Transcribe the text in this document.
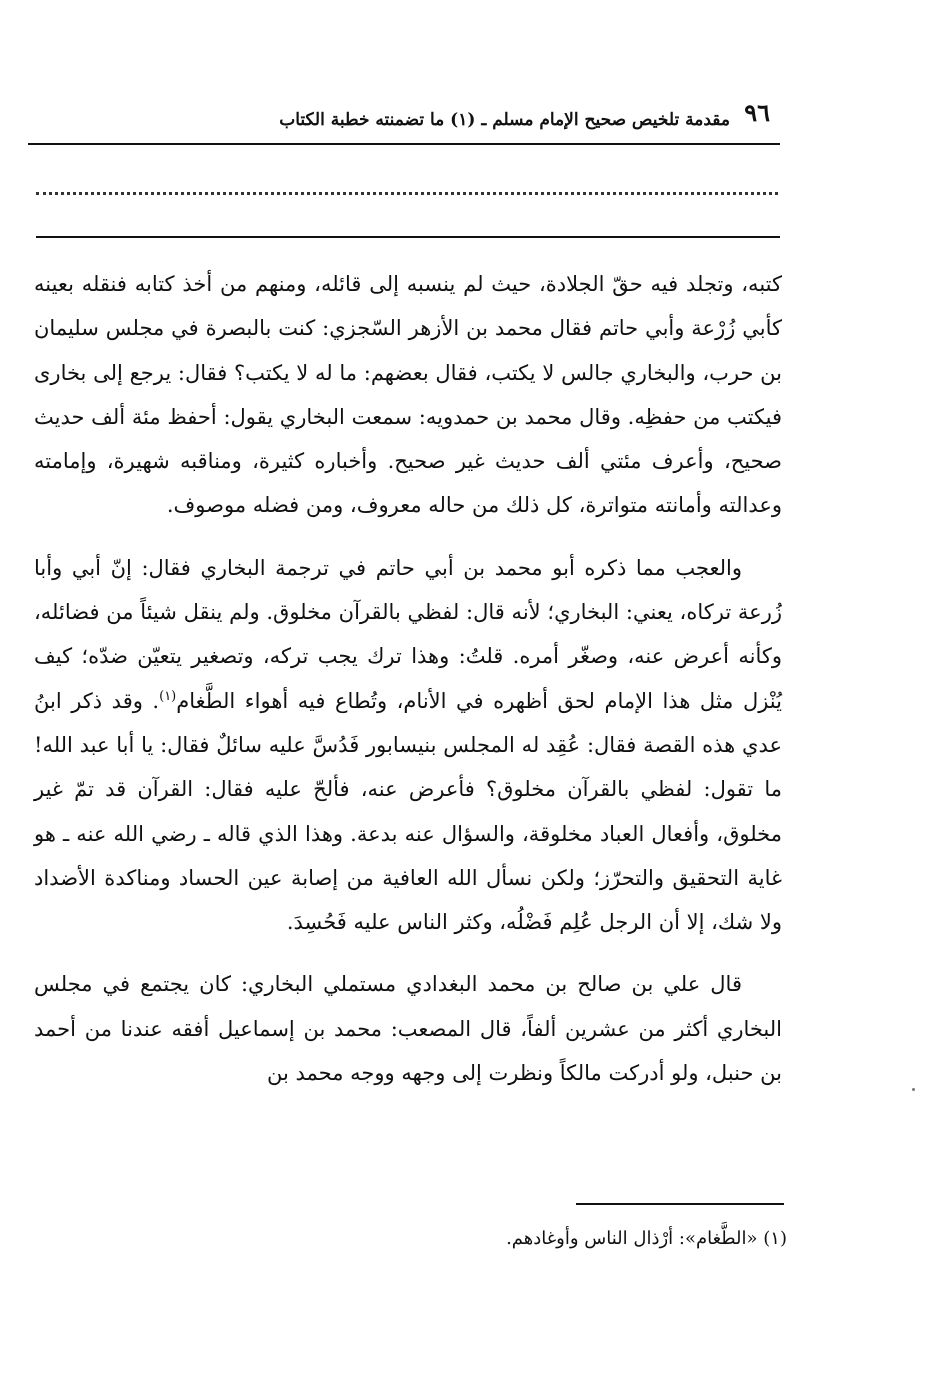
٩٦
مقدمة تلخيص صحيح الإمام مسلم ـ (١) ما تضمنته خطبة الكتاب

كتبه، وتجلد فيه حقّ الجلادة، حيث لم ينسبه إلى قائله، ومنهم من أخذ كتابه فنقله بعينه كأبي زُرْعة وأبي حاتم فقال محمد بن الأزهر السّجزي: كنت بالبصرة في مجلس سليمان بن حرب، والبخاري جالس لا يكتب، فقال بعضهم: ما له لا يكتب؟ فقال: يرجع إلى بخارى فيكتب من حفظِه. وقال محمد بن حمدويه: سمعت البخاري يقول: أحفظ مئة ألف حديث صحيح، وأعرف مئتي ألف حديث غير صحيح. وأخباره كثيرة، ومناقبه شهيرة، وإمامته وعدالته وأمانته متواترة، كل ذلك من حاله معروف، ومن فضله موصوف.

والعجب مما ذكره أبو محمد بن أبي حاتم في ترجمة البخاري فقال: إنّ أبي وأبا زُرعة تركاه، يعني: البخاري؛ لأنه قال: لفظي بالقرآن مخلوق. ولم ينقل شيئاً من فضائله، وكأنه أعرض عنه، وصغّر أمره. قلتُ: وهذا ترك يجب تركه، وتصغير يتعيّن ضدّه؛ كيف يُنْزل مثل هذا الإمام لحق أظهره في الأنام، وتُطاع فيه أهواء الطَّغام$^{(١)}$. وقد ذكر ابنُ عدي هذه القصة فقال: عُقِد له المجلس بنيسابور فَدُسَّ عليه سائلٌ فقال: يا أبا عبد الله! ما تقول: لفظي بالقرآن مخلوق؟ فأعرض عنه، فألحّ عليه فقال: القرآن قد تمّ غير مخلوق، وأفعال العباد مخلوقة، والسؤال عنه بدعة. وهذا الذي قاله ـ رضي الله عنه ـ هو غاية التحقيق والتحرّز؛ ولكن نسأل الله العافية من إصابة عين الحساد ومناكدة الأضداد ولا شك، إلا أن الرجل عُلِم فَضْلُه، وكثر الناس عليه فَحُسِدَ.

قال علي بن صالح بن محمد البغدادي مستملي البخاري: كان يجتمع في مجلس البخاري أكثر من عشرين ألفاً، قال المصعب: محمد بن إسماعيل أفقه عندنا من أحمد بن حنبل، ولو أدركت مالكاً ونظرت إلى وجهه ووجه محمد بن

(١) «الطَّغام»: أرْذال الناس وأوغادهم.
